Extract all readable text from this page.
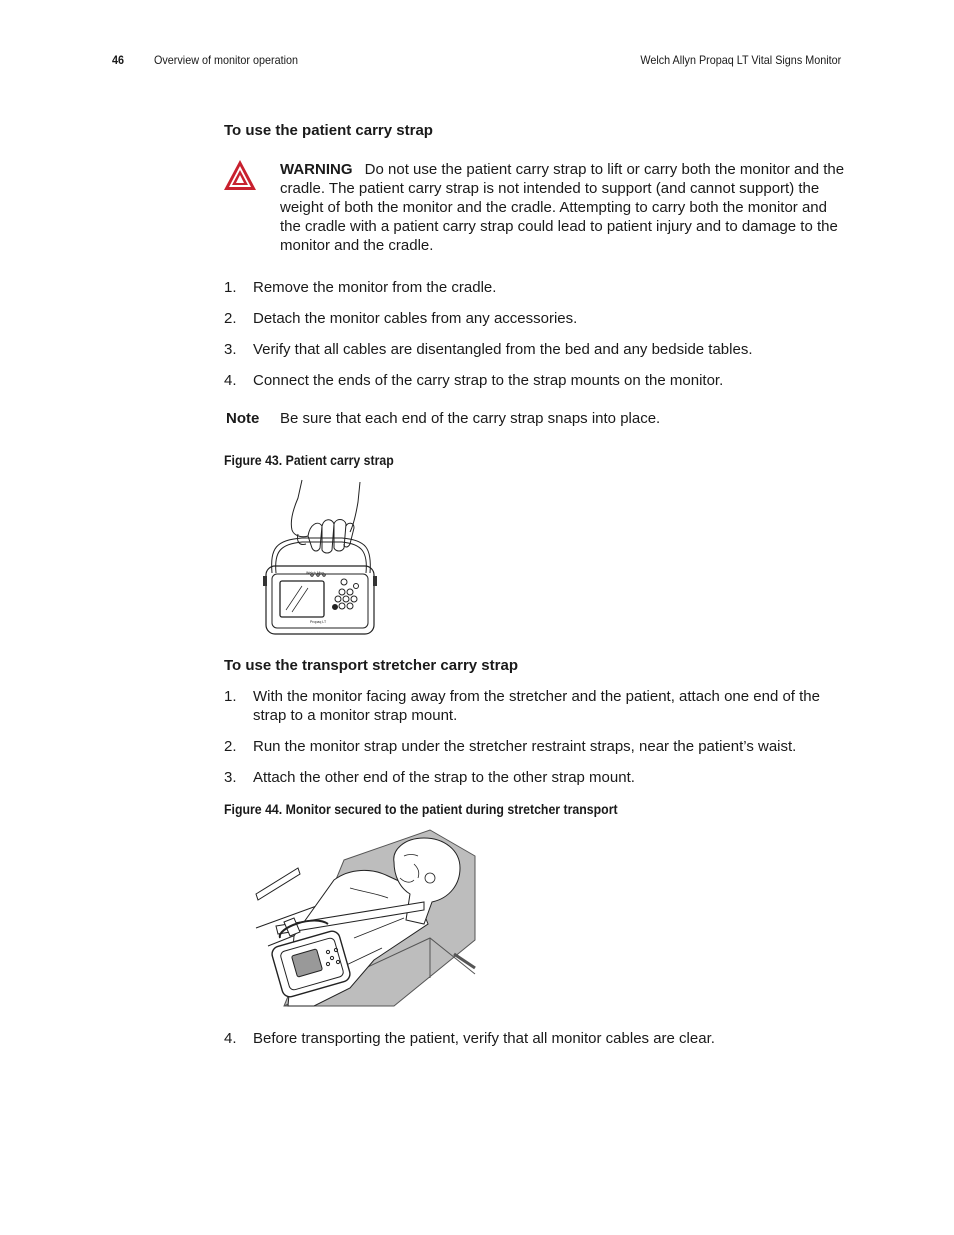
46 Overview of monitor operation	Welch Allyn Propaq LT Vital Signs Monitor
To use the patient carry strap
WARNING Do not use the patient carry strap to lift or carry both the monitor and the cradle. The patient carry strap is not intended to support (and cannot support) the weight of both the monitor and the cradle. Attempting to carry both the monitor and the cradle with a patient carry strap could lead to patient injury and to damage to the monitor and the cradle.
1.	Remove the monitor from the cradle.
2.	Detach the monitor cables from any accessories.
3.	Verify that all cables are disentangled from the bed and any bedside tables.
4.	Connect the ends of the carry strap to the strap mounts on the monitor.
Note Be sure that each end of the carry strap snaps into place.
Figure 43. Patient carry strap
Welch Allyn
Propaq LT
To use the transport stretcher carry strap
1.	With the monitor facing away from the stretcher and the patient, attach one end of the strap to a monitor strap mount.
2.	Run the monitor strap under the stretcher restraint straps, near the patient’s waist.
3.	Attach the other end of the strap to the other strap mount.
Figure 44. Monitor secured to the patient during stretcher transport
4.	Before transporting the patient, verify that all monitor cables are clear.
